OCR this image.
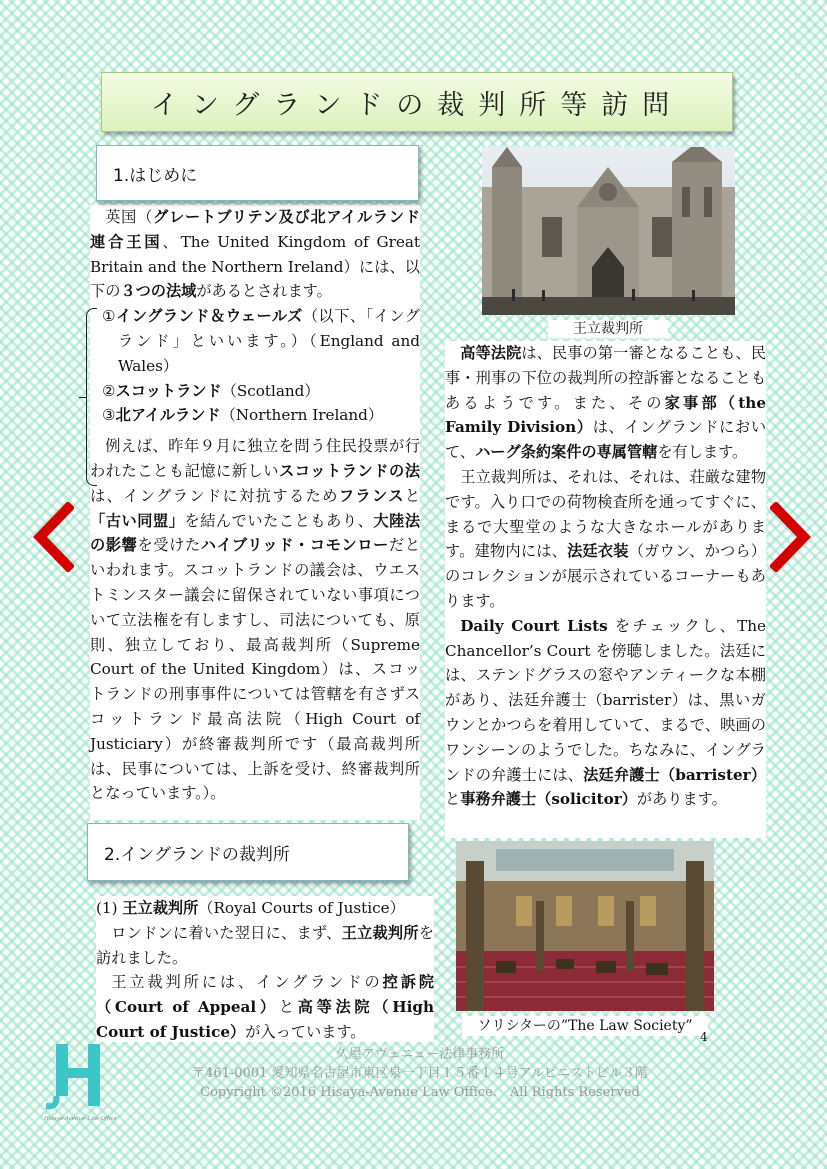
イングランドの裁判所等訪問

英国（グレートブリテン及び北アイルランド連合王国、The United Kingdom of Great Britain and the Northern Ireland）には、以下の３つの法域があるとされます。

①イングランド＆ウェールズ（以下、「イングランド」といいます。）（England and Wales）

②スコットランド（Scotland）

③北アイルランド（Northern Ireland）

例えば、昨年９月に独立を問う住民投票が行われたことも記憶に新しいスコットランドの法は、イングランドに対抗するためフランスと「古い同盟」を結んでいたこともあり、大陸法の影響を受けたハイブリッド・コモンローだといわれます。スコットランドの議会は、ウエストミンスター議会に留保されていない事項について立法権を有しますし、司法についても、原則、独立しており、最高裁判所（Supreme Court of the United Kingdom）は、スコットランドの刑事事件については管轄を有さずスコットランド最高法院（High Court of Justiciary）が終審裁判所です（最高裁判所は、民事については、上訴を受け、終審裁判所となっています。）。

1.はじめに
2.イングランドの裁判所

(1) 王立裁判所（Royal Courts of Justice）

ロンドンに着いた翌日に、まず、王立裁判所を訪れました。

王立裁判所には、イングランドの控訴院（Court of Appeal）と高等法院（High Court of Justice）が入っています。

王立裁判所

高等法院は、民事の第一審となることも、民事・刑事の下位の裁判所の控訴審となることもあるようです。また、その家事部（the Family Division）は、イングランドにおいて、ハーグ条約案件の専属管轄を有します。

王立裁判所は、それは、それは、荘厳な建物です。入り口での荷物検査所を通ってすぐに、まるで大聖堂のような大きなホールがあります。建物内には、法廷衣装（ガウン、かつら）のコレクションが展示されているコーナーもあります。

Daily Court Lists をチェックし、The Chancellor’s Court を傍聴しました。法廷には、ステンドグラスの窓やアンティークな本棚があり、法廷弁護士（barrister）は、黒いガウンとかつらを着用していて、まるで、映画のワンシーンのようでした。ちなみに、イングランドの弁護士には、法廷弁護士（barrister）と事務弁護士（solicitor）があります。

ソリシターの”The Law Society”
4
Hisaya-Avenue Law Office
久屋アヴェニュー法律事務所
〒461-0001 愛知県名古屋市東区泉一丁目１５番１４号アルピニストビル３階
Copyright ©2016 Hisaya-Avenue Law Office.　All Rights Reserved
